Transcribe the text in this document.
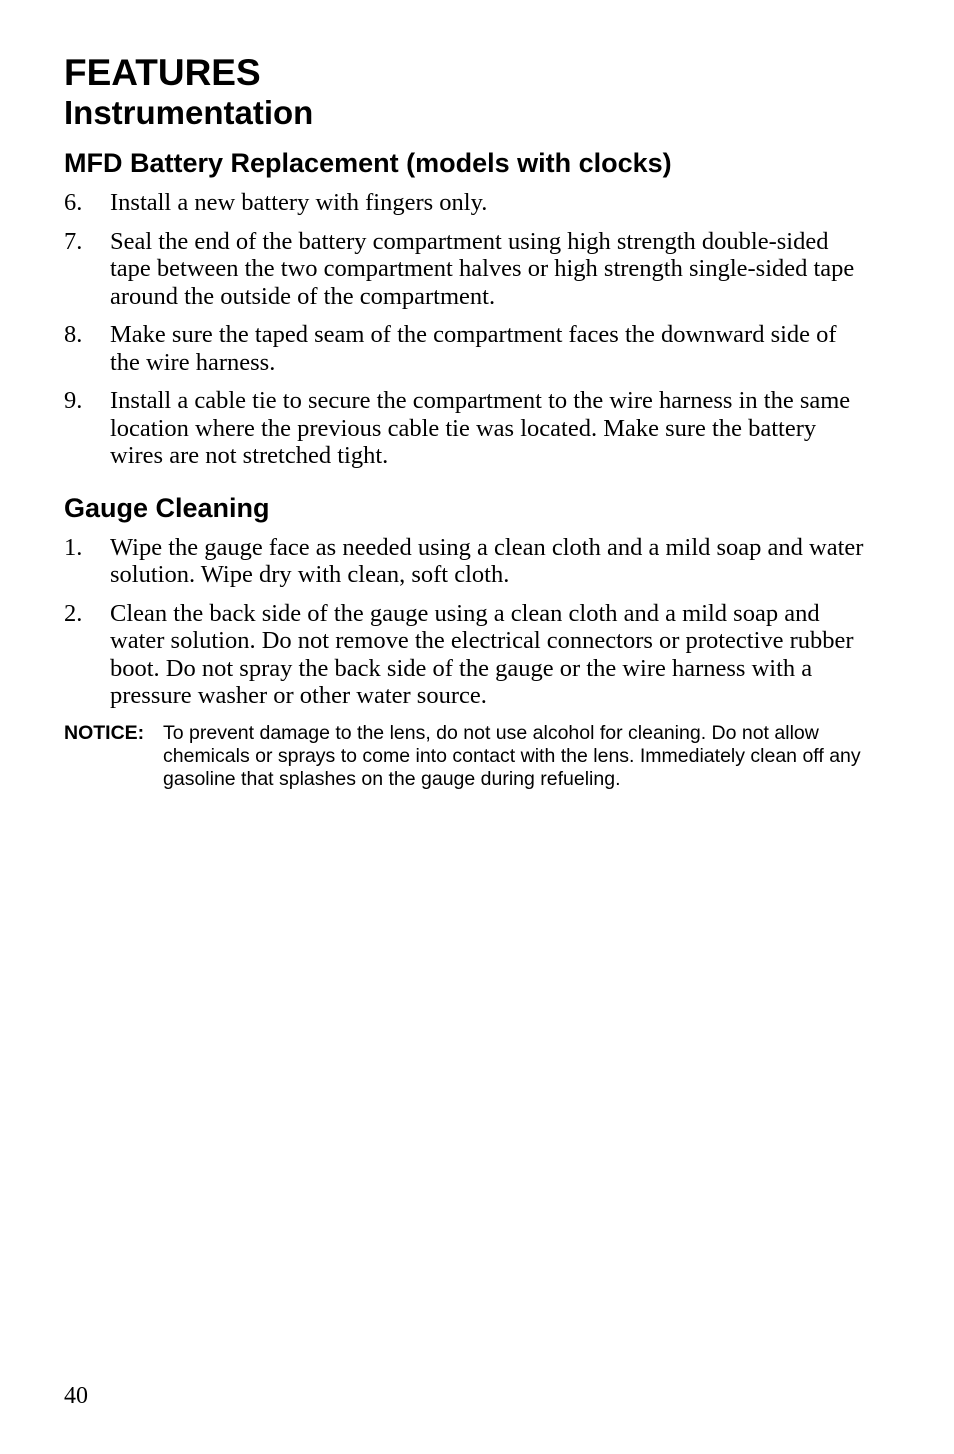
FEATURES
Instrumentation
MFD Battery Replacement (models with clocks)
6. Install a new battery with fingers only.
7. Seal the end of the battery compartment using high strength double-sided tape between the two compartment halves or high strength single-sided tape around the outside of the compartment.
8. Make sure the taped seam of the compartment faces the downward side of the wire harness.
9. Install a cable tie to secure the compartment to the wire harness in the same location where the previous cable tie was located. Make sure the battery wires are not stretched tight.
Gauge Cleaning
1. Wipe the gauge face as needed using a clean cloth and a mild soap and water solution. Wipe dry with clean, soft cloth.
2. Clean the back side of the gauge using a clean cloth and a mild soap and water solution. Do not remove the electrical connectors or protective rubber boot. Do not spray the back side of the gauge or the wire harness with a pressure washer or other water source.
NOTICE: To prevent damage to the lens, do not use alcohol for cleaning. Do not allow chemicals or sprays to come into contact with the lens. Immediately clean off any gasoline that splashes on the gauge during refueling.
40
